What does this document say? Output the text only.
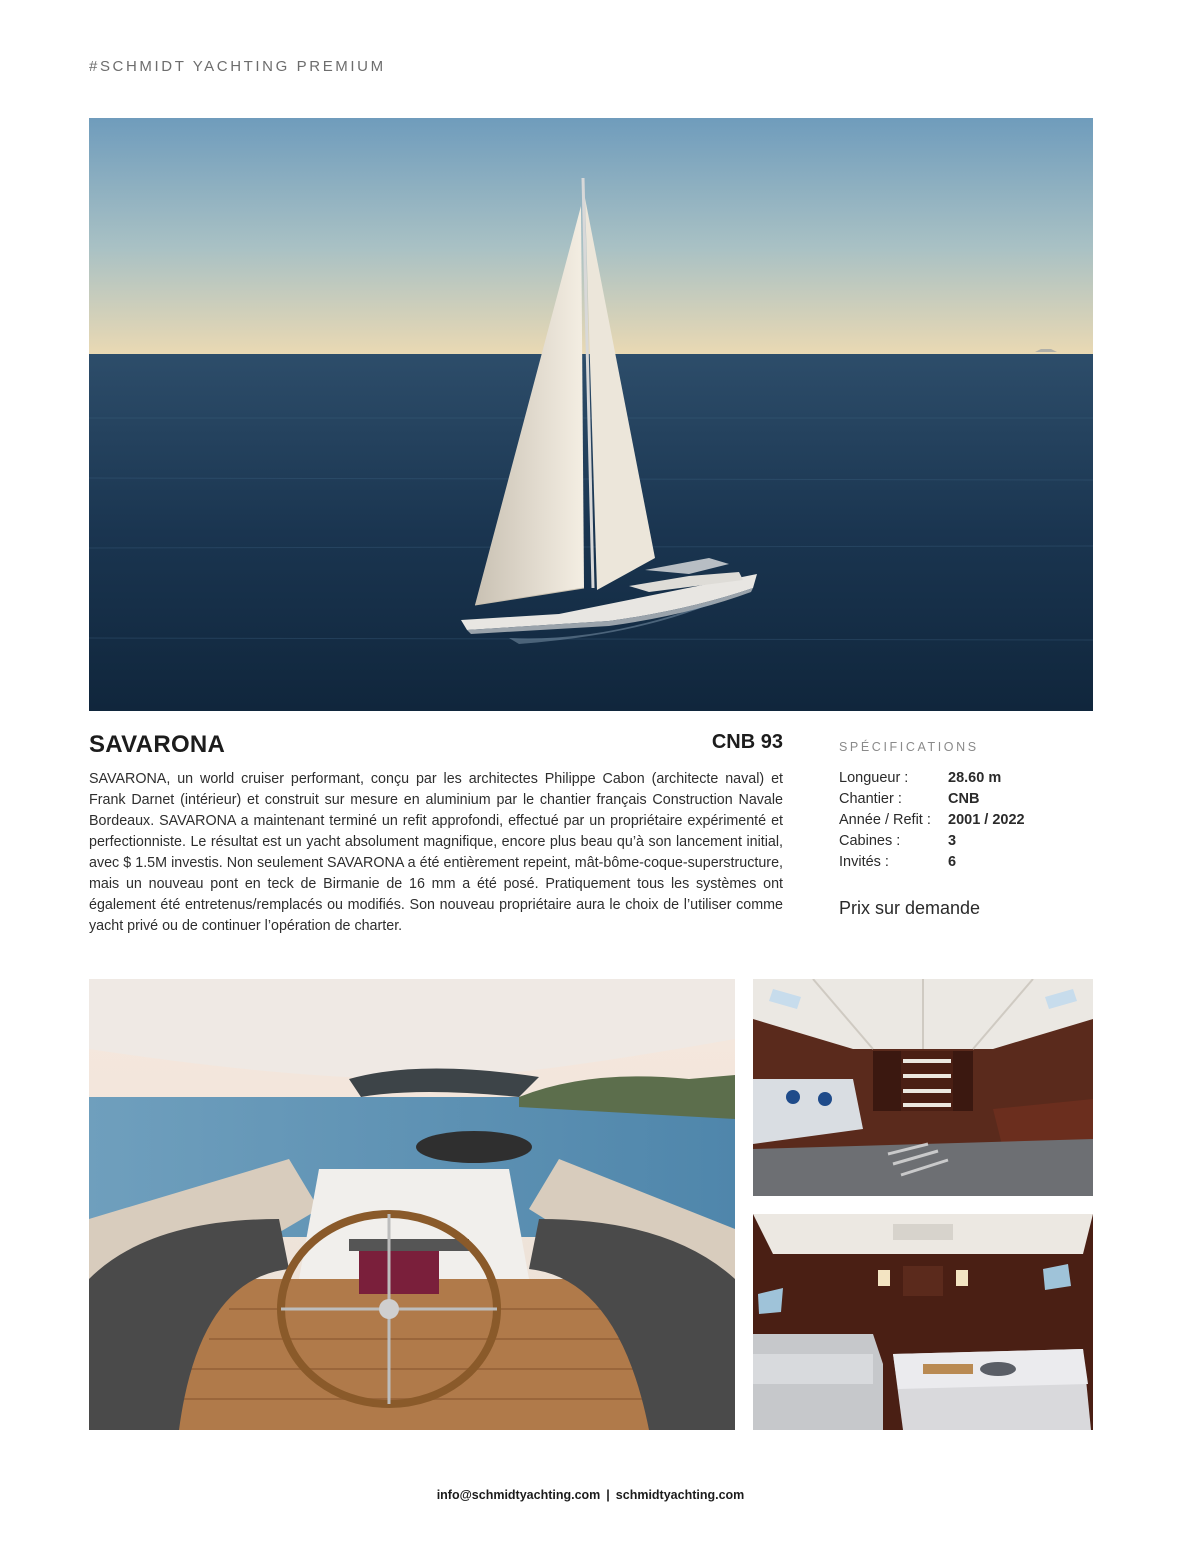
#SCHMIDT YACHTING PREMIUM
SAVARONA	CNB 93
SAVARONA, un world cruiser performant, conçu par les architectes Philippe Cabon (architecte naval) et Frank Darnet (intérieur) et construit sur mesure en aluminium par le chantier français Construction Navale Bordeaux. SAVARONA a maintenant terminé un refit approfondi, effectué par un propriétaire expérimenté et perfectionniste. Le résultat est un yacht absolument magnifique, encore plus beau qu’à son lancement initial, avec $ 1.5M investis. Non seulement SAVARONA a été entièrement repeint, mât-bôme-coque-superstructure, mais un nouveau pont en teck de Birmanie de 16 mm a été posé. Pratiquement tous les systèmes ont également été entretenus/remplacés ou modifiés. Son nouveau propriétaire aura le choix de l’utiliser comme yacht privé ou de continuer l’opération de charter.
SPÉCIFICATIONS
Longueur :	28.60 m
Chantier :	CNB
Année / Refit :	2001 / 2022
Cabines :	3
Invités :	6
Prix sur demande
info@schmidtyachting.com | schmidtyachting.com
